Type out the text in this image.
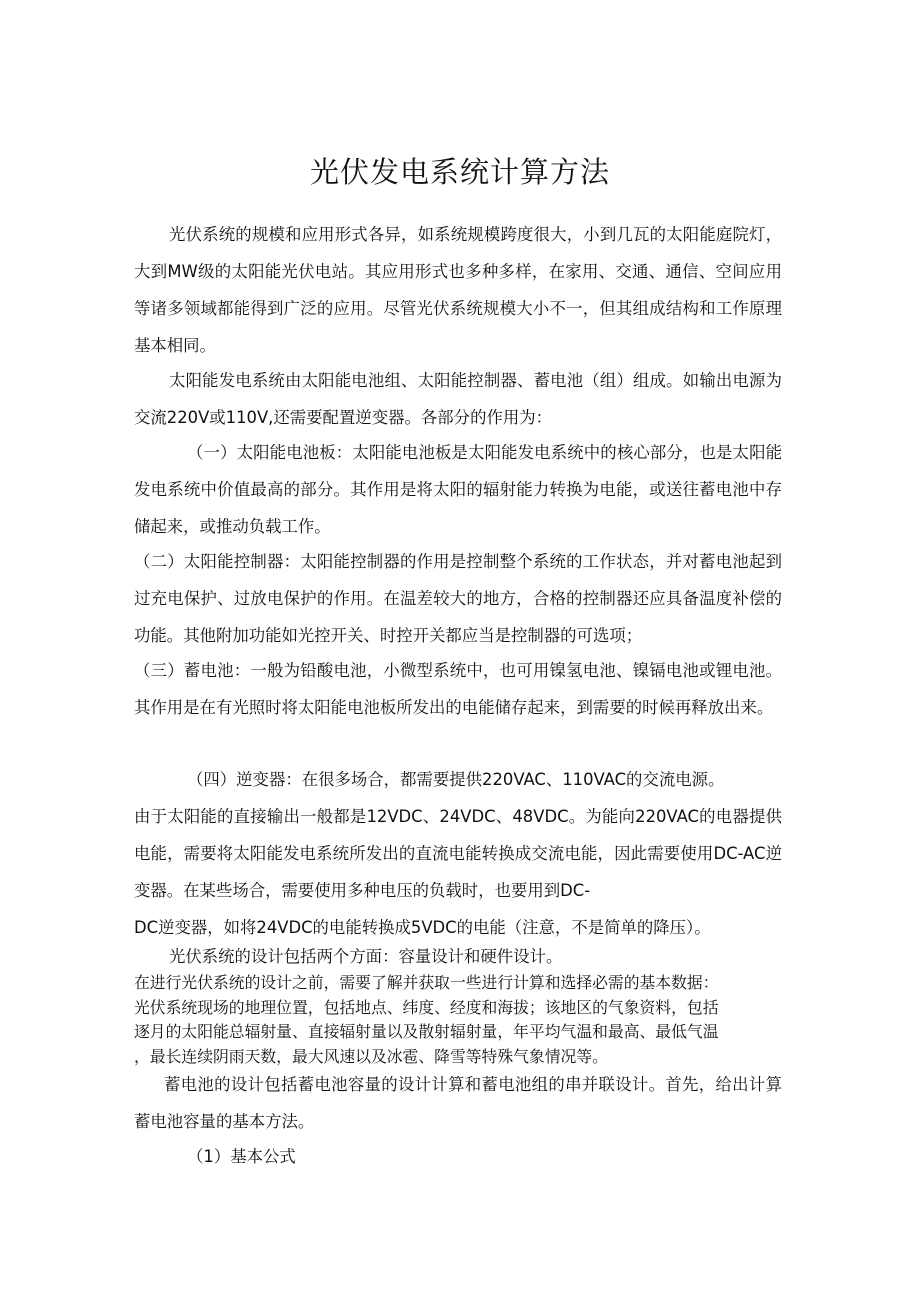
光伏发电系统计算方法

光伏系统的规模和应用形式各异，如系统规模跨度很大，小到几瓦的太阳能庭院灯，大到MW级的太阳能光伏电站。其应用形式也多种多样，在家用、交通、通信、空间应用等诸多领域都能得到广泛的应用。尽管光伏系统规模大小不一，但其组成结构和工作原理基本相同。

太阳能发电系统由太阳能电池组、太阳能控制器、蓄电池（组）组成。如输出电源为交流220V或110V,还需要配置逆变器。各部分的作用为：

（一）太阳能电池板：太阳能电池板是太阳能发电系统中的核心部分，也是太阳能发电系统中价值最高的部分。其作用是将太阳的辐射能力转换为电能，或送往蓄电池中存储起来，或推动负载工作。

（二）太阳能控制器：太阳能控制器的作用是控制整个系统的工作状态，并对蓄电池起到过充电保护、过放电保护的作用。在温差较大的地方，合格的控制器还应具备温度补偿的功能。其他附加功能如光控开关、时控开关都应当是控制器的可选项；

（三）蓄电池：一般为铅酸电池，小微型系统中，也可用镍氢电池、镍镉电池或锂电池。其作用是在有光照时将太阳能电池板所发出的电能储存起来，到需要的时候再释放出来。

（四）逆变器：在很多场合，都需要提供220VAC、110VAC的交流电源。
由于太阳能的直接输出一般都是12VDC、24VDC、48VDC。为能向220VAC的电器提供电能，需要将太阳能发电系统所发出的直流电能转换成交流电能，因此需要使用DC-AC逆变器。在某些场合，需要使用多种电压的负载时，也要用到DC-
DC逆变器，如将24VDC的电能转换成5VDC的电能（注意，不是简单的降压）。

光伏系统的设计包括两个方面：容量设计和硬件设计。

在进行光伏系统的设计之前，需要了解并获取一些进行计算和选择必需的基本数据：
光伏系统现场的地理位置，包括地点、纬度、经度和海拔；该地区的气象资料，包括
逐月的太阳能总辐射量、直接辐射量以及散射辐射量，年平均气温和最高、最低气温
，最长连续阴雨天数，最大风速以及冰雹、降雪等特殊气象情况等。

蓄电池的设计包括蓄电池容量的设计计算和蓄电池组的串并联设计。首先，给出计算蓄电池容量的基本方法。

（1）基本公式
